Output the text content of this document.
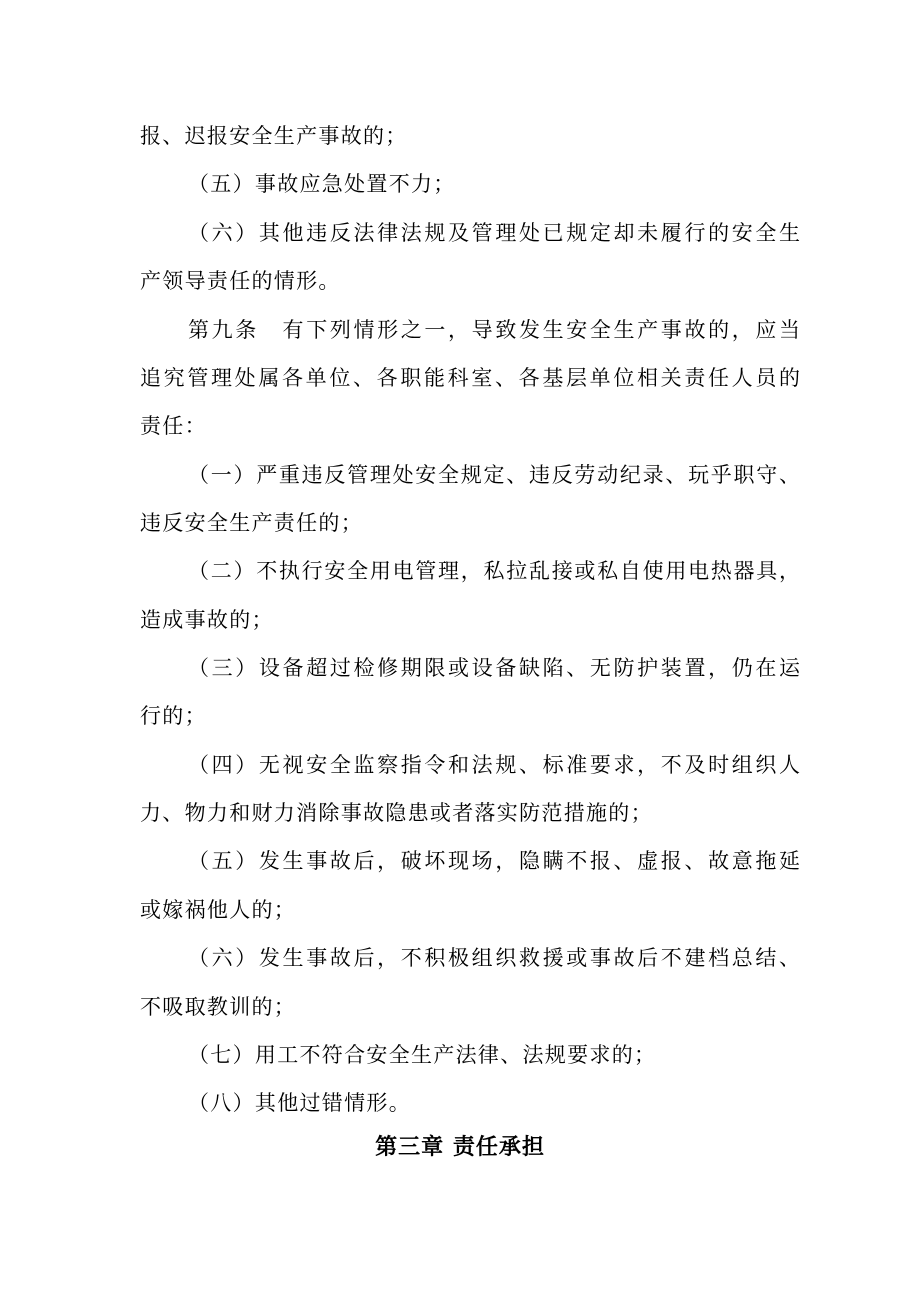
报、迟报安全生产事故的；
（五）事故应急处置不力；
（六）其他违反法律法规及管理处已规定却未履行的安全生
产领导责任的情形。
第九条　有下列情形之一，导致发生安全生产事故的，应当
追究管理处属各单位、各职能科室、各基层单位相关责任人员的
责任：
（一）严重违反管理处安全规定、违反劳动纪录、玩乎职守、
违反安全生产责任的；
（二）不执行安全用电管理，私拉乱接或私自使用电热器具，
造成事故的；
（三）设备超过检修期限或设备缺陷、无防护装置，仍在运
行的；
（四）无视安全监察指令和法规、标准要求，不及时组织人
力、物力和财力消除事故隐患或者落实防范措施的；
（五）发生事故后，破坏现场，隐瞒不报、虚报、故意拖延
或嫁祸他人的；
（六）发生事故后，不积极组织救援或事故后不建档总结、
不吸取教训的；
（七）用工不符合安全生产法律、法规要求的；
（八）其他过错情形。
第三章 责任承担
